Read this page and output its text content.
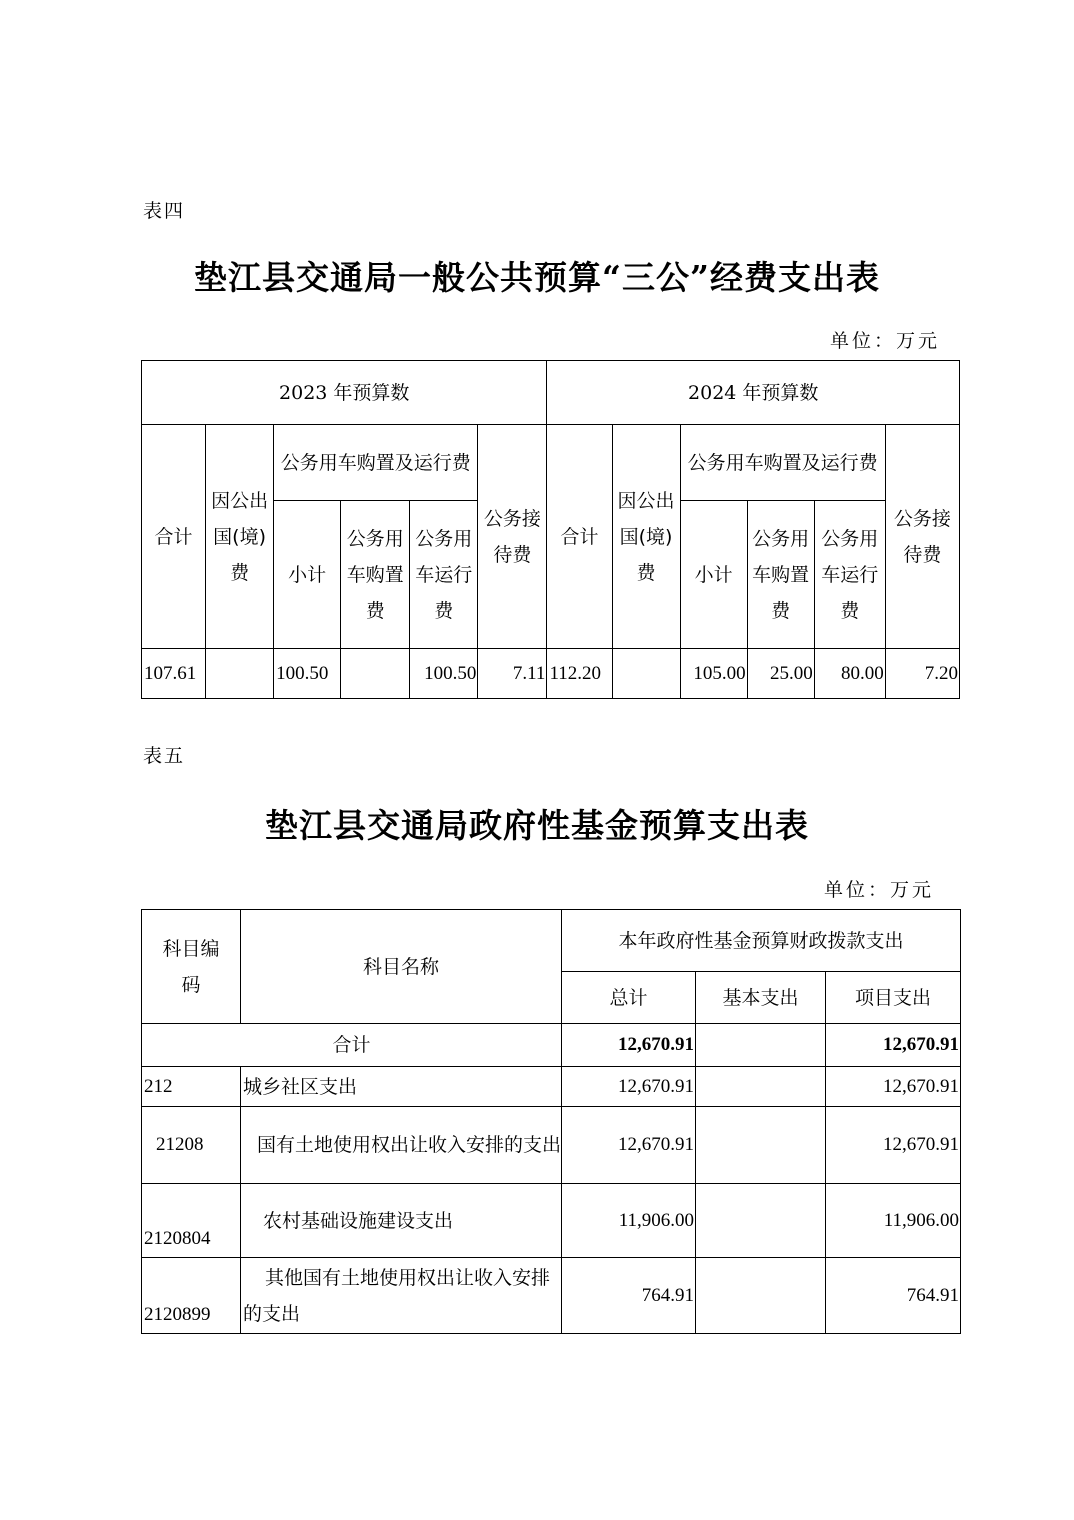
表四
垫江县交通局一般公共预算“三公”经费支出表
单位：万元
2023 年预算数						2024 年预算数					
合计	因公出国(境)费	公务用车购置及运行费			公务接待费	合计	因公出国(境)费	公务用车购置及运行费			公务接待费
		小计	公务用车购置费	公务用车运行费				小计	公务用车购置费	公务用车运行费	
107.61		100.50		100.50	7.11	112.20		105.00	25.00	80.00	7.20
表五
垫江县交通局政府性基金预算支出表
单位：万元
科目编码	科目名称	本年政府性基金预算财政拨款支出		
		总计	基本支出	项目支出
合计		12,670.91		12,670.91
212	城乡社区支出	12,670.91		12,670.91
21208	国有土地使用权出让收入安排的支出	12,670.91		12,670.91
2120804	农村基础设施建设支出	11,906.00		11,906.00
2120899	其他国有土地使用权出让收入安排的支出	764.91		764.91
